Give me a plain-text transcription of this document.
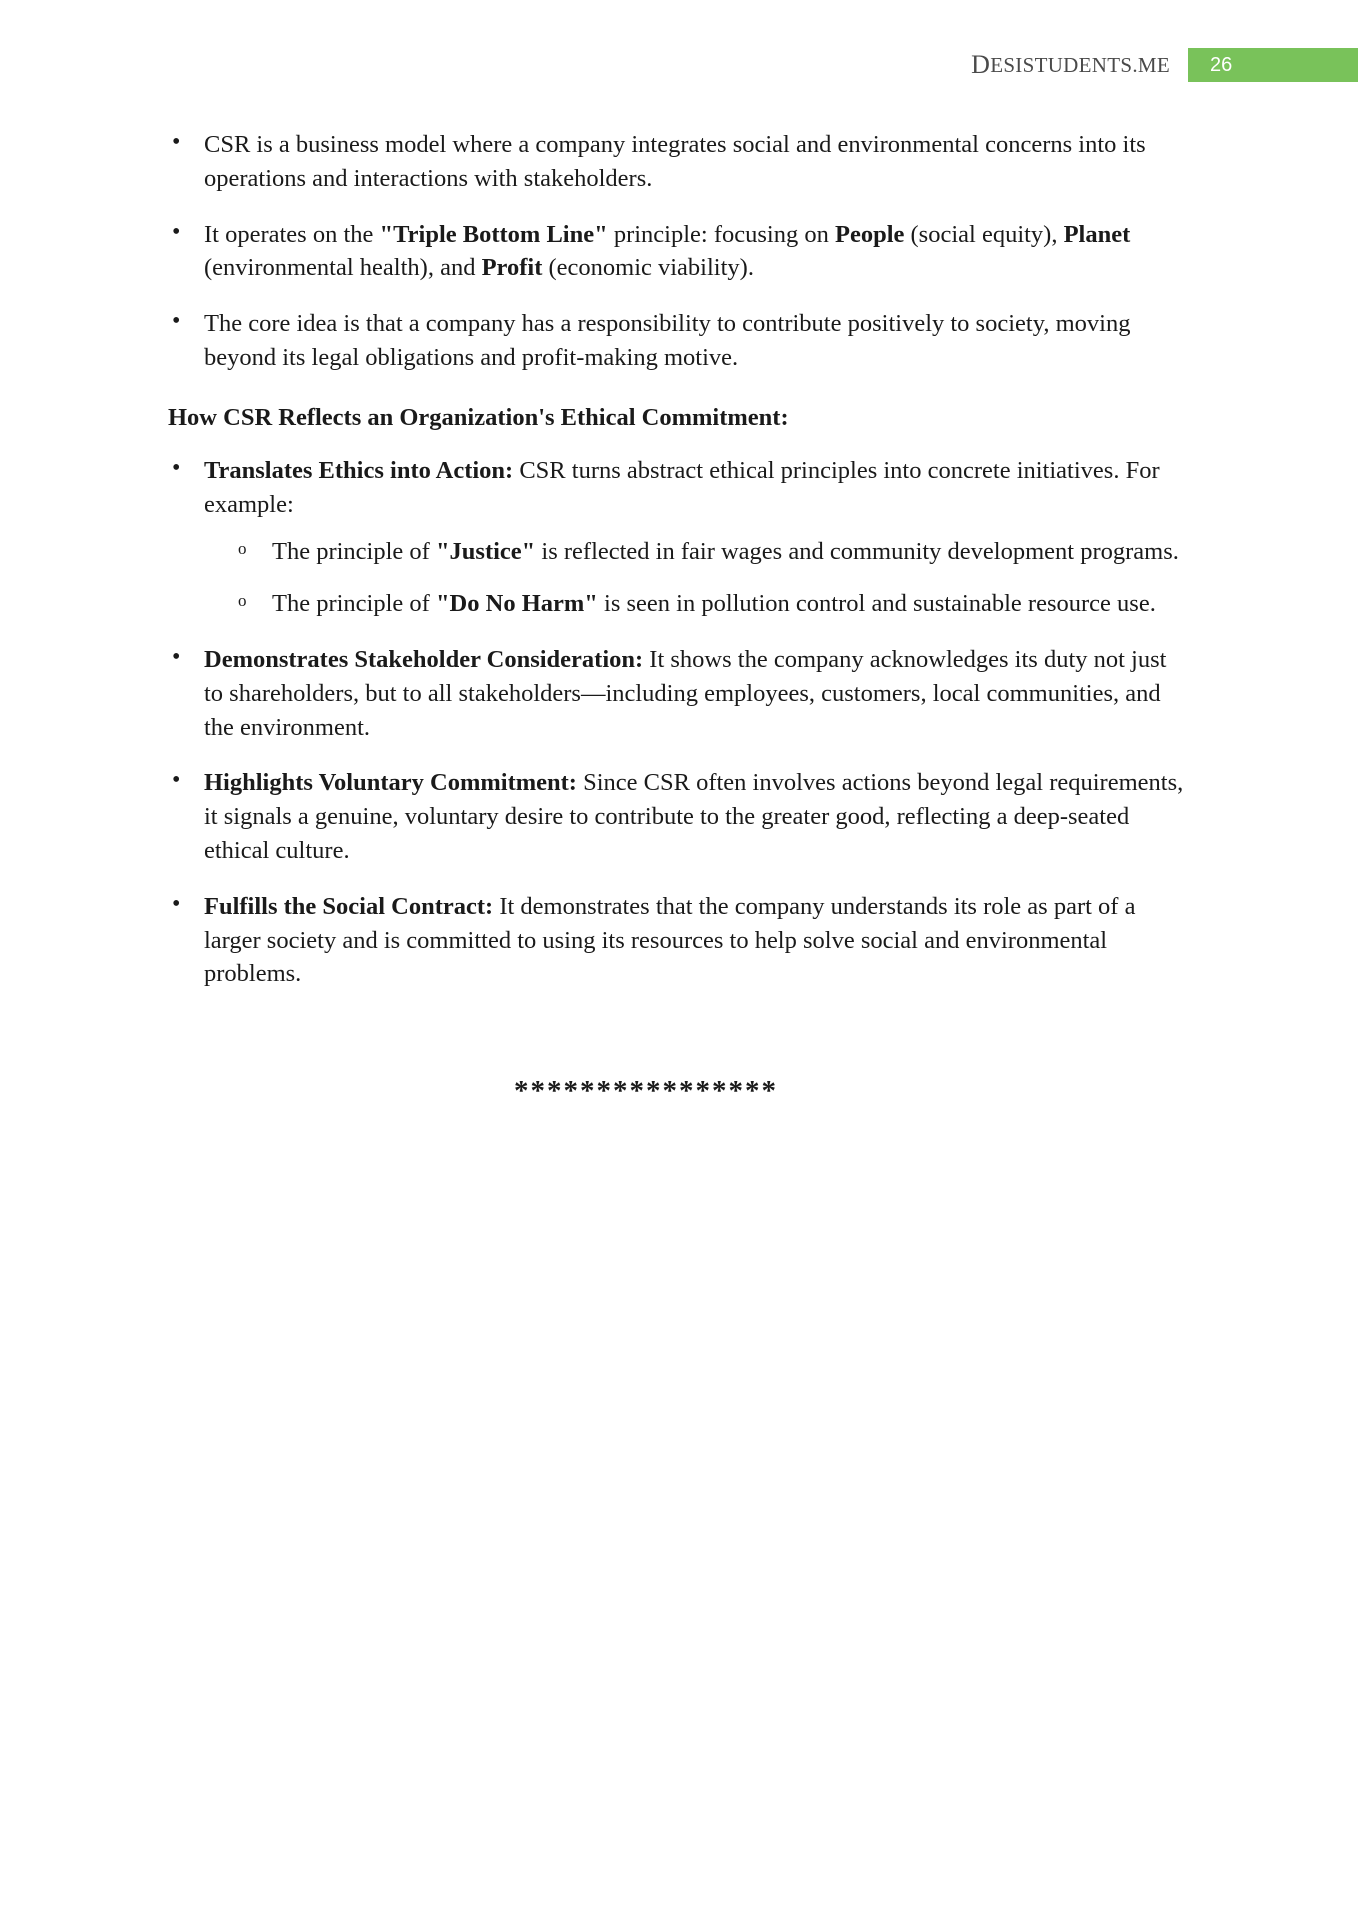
D ESISTUDENTS.ME 26
• CSR is a business model where a company integrates social and environmental concerns into its operations and interactions with stakeholders.
• It operates on the "Triple Bottom Line" principle: focusing on People (social equity), Planet (environmental health), and Profit (economic viability).
• The core idea is that a company has a responsibility to contribute positively to society, moving beyond its legal obligations and profit-making motive.
How CSR Reflects an Organization's Ethical Commitment:
• Translates Ethics into Action: CSR turns abstract ethical principles into concrete initiatives. For example:
o The principle of "Justice" is reflected in fair wages and community development programs.
o The principle of "Do No Harm" is seen in pollution control and sustainable resource use.
• Demonstrates Stakeholder Consideration: It shows the company acknowledges its duty not just to shareholders, but to all stakeholders—including employees, customers, local communities, and the environment.
• Highlights Voluntary Commitment: Since CSR often involves actions beyond legal requirements, it signals a genuine, voluntary desire to contribute to the greater good, reflecting a deep-seated ethical culture.
• Fulfills the Social Contract: It demonstrates that the company understands its role as part of a larger society and is committed to using its resources to help solve social and environmental problems.
****************
